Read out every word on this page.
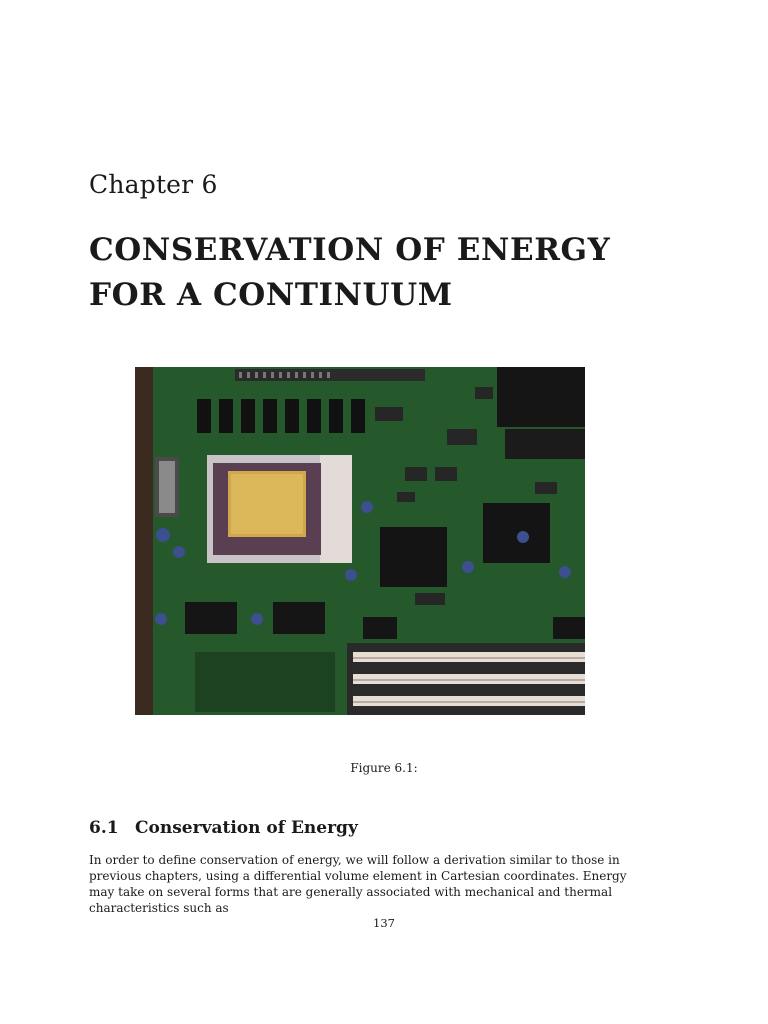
Chapter 6
CONSERVATION OF ENERGY
FOR A CONTINUUM
Figure 6.1:
6.1 Conservation of Energy

In order to define conservation of energy, we will follow a derivation similar to those in previous chapters, using a differential volume element in Cartesian coordinates. Energy may take on several forms that are generally associated with mechanical and thermal characteristics such as

137
